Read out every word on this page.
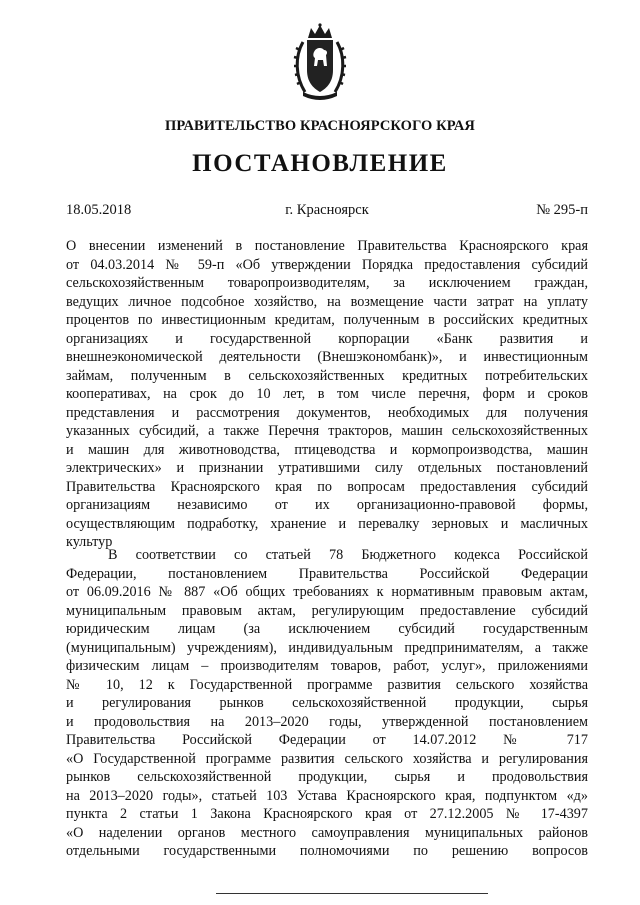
ПРАВИТЕЛЬСТВО КРАСНОЯРСКОГО КРАЯ
ПОСТАНОВЛЕНИЕ
18.05.2018	г. Красноярск	№ 295-п
О внесении изменений в постановление Правительства Красноярского края
от 04.03.2014 № 59-п «Об утверждении Порядка предоставления субсидий
сельскохозяйственным товаропроизводителям, за исключением граждан,
ведущих личное подсобное хозяйство, на возмещение части затрат на уплату
процентов по инвестиционным кредитам, полученным в российских кредитных
организациях и государственной корпорации «Банк развития и
внешнеэкономической деятельности (Внешэкономбанк)», и инвестиционным
займам, полученным в сельскохозяйственных кредитных потребительских
кооперативах, на срок до 10 лет, в том числе перечня, форм и сроков
представления и рассмотрения документов, необходимых для получения
указанных субсидий, а также Перечня тракторов, машин сельскохозяйственных
и машин для животноводства, птицеводства и кормопроизводства, машин
электрических» и признании утратившими силу отдельных постановлений
Правительства Красноярского края по вопросам предоставления субсидий
организациям независимо от их организационно-правовой формы,
осуществляющим подработку, хранение и перевалку зерновых и масличных
культур
В соответствии со статьей 78 Бюджетного кодекса Российской
Федерации, постановлением Правительства Российской Федерации
от 06.09.2016 № 887 «Об общих требованиях к нормативным правовым актам,
муниципальным правовым актам, регулирующим предоставление субсидий
юридическим лицам (за исключением субсидий государственным
(муниципальным) учреждениям), индивидуальным предпринимателям, а также
физическим лицам – производителям товаров, работ, услуг», приложениями
№ 10, 12 к Государственной программе развития сельского хозяйства
и регулирования рынков сельскохозяйственной продукции, сырья
и продовольствия на 2013–2020 годы, утвержденной постановлением
Правительства Российской Федерации от 14.07.2012 № 717
«О Государственной программе развития сельского хозяйства и регулирования
рынков сельскохозяйственной продукции, сырья и продовольствия
на 2013–2020 годы», статьей 103 Устава Красноярского края, подпунктом «д»
пункта 2 статьи 1 Закона Красноярского края от 27.12.2005 № 17-4397
«О наделении органов местного самоуправления муниципальных районов
отдельными государственными полномочиями по решению вопросов
